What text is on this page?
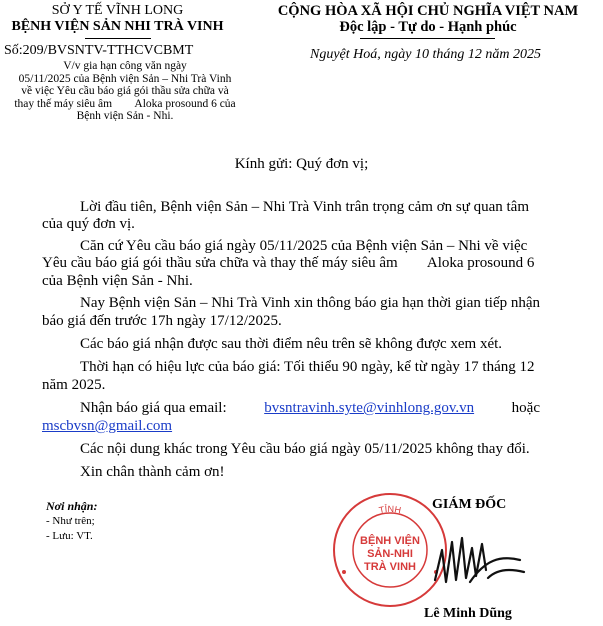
SỞ Y TẾ VĨNH LONG
BỆNH VIỆN SẢN NHI TRÀ VINH
Số:209/BVSNTV-TTHCVCBMT
V/v gia hạn công văn ngày
05/11/2025 của Bệnh viện Sản – Nhi Trà Vinh
về việc Yêu cầu báo giá gói thầu sửa chữa và
thay thế máy siêu âm        Aloka prosound 6 của
Bệnh viện Sản - Nhi.
CỘNG HÒA XÃ HỘI CHỦ NGHĨA VIỆT NAM
Độc lập - Tự do - Hạnh phúc
Nguyệt Hoá, ngày 10 tháng 12 năm 2025
Kính gửi: Quý đơn vị;
Lời đầu tiên, Bệnh viện Sản – Nhi Trà Vinh trân trọng cảm ơn sự quan tâm
của quý đơn vị.
Căn cứ Yêu cầu báo giá ngày 05/11/2025 của Bệnh viện Sản – Nhi về việc
Yêu cầu báo giá gói thầu sửa chữa và thay thế máy siêu âm        Aloka prosound 6
của Bệnh viện Sản - Nhi.
Nay Bệnh viện Sản – Nhi Trà Vinh xin thông báo gia hạn thời gian tiếp nhận
báo giá đến trước 17h ngày 17/12/2025.
Các báo giá nhận được sau thời điểm nêu trên sẽ không được xem xét.
Thời hạn có hiệu lực của báo giá: Tối thiểu 90 ngày, kể từ ngày 17 tháng 12
năm 2025.
Nhận báo giá qua email:	bvsntravinh.syte@vinhlong.gov.vn	hoặc
mscbvsn@gmail.com
Các nội dung khác trong Yêu cầu báo giá ngày 05/11/2025 không thay đổi.
Xin chân thành cảm ơn!
Nơi nhận:
- Như trên;
- Lưu: VT.
GIÁM ĐỐC
TỈNH
BỆNH VIỆN
SẢN-NHI
TRÀ VINH
Lê Minh Dũng
